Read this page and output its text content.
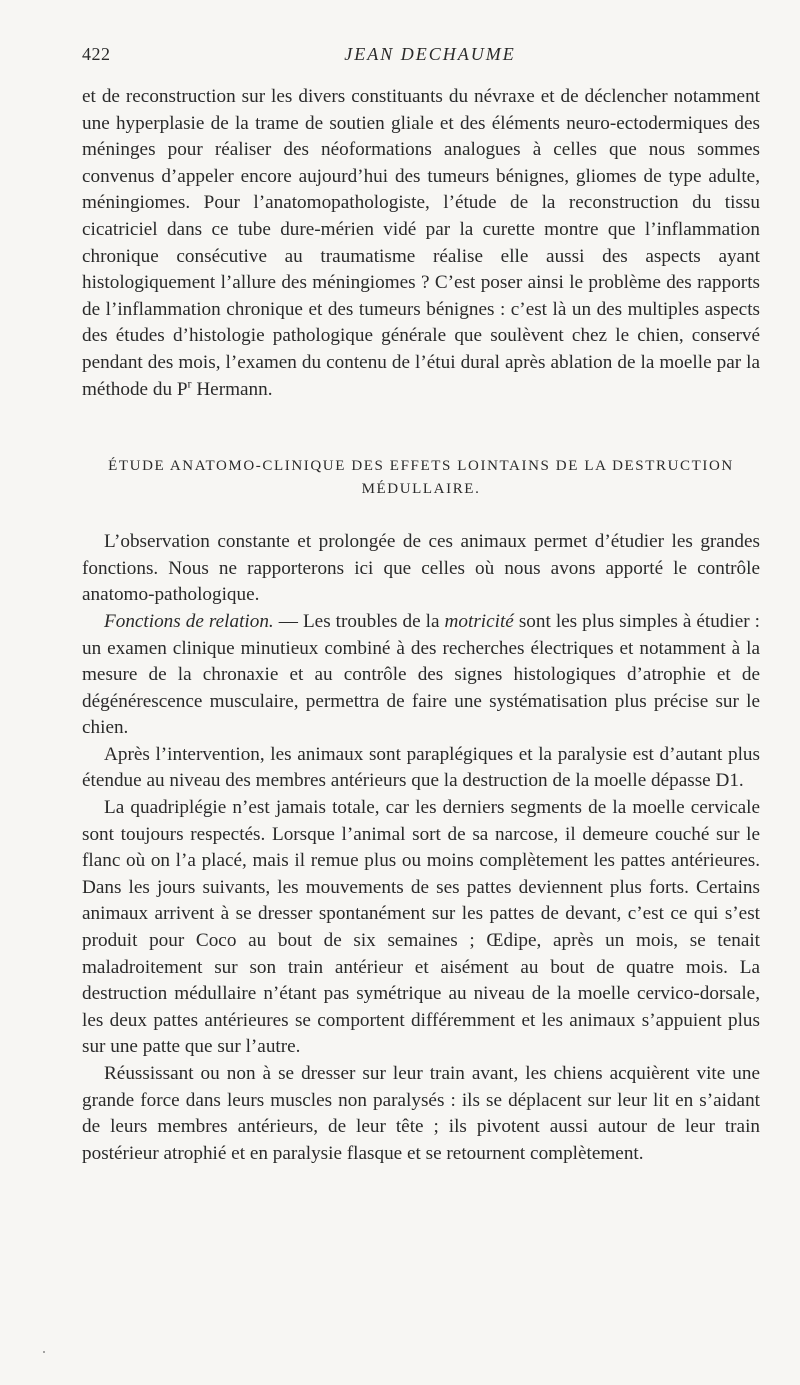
422	JEAN DECHAUME

et de reconstruction sur les divers constituants du névraxe et de déclencher notamment une hyperplasie de la trame de soutien gliale et des éléments neuro-ectodermiques des méninges pour réaliser des néoformations analogues à celles que nous sommes convenus d’appeler encore aujourd’hui des tumeurs bénignes, gliomes de type adulte, méningiomes. Pour l’anatomopathologiste, l’étude de la reconstruction du tissu cicatriciel dans ce tube dure-mérien vidé par la curette montre que l’inflammation chronique consécutive au traumatisme réalise elle aussi des aspects ayant histologiquement l’allure des méningiomes ? C’est poser ainsi le problème des rapports de l’inflammation chronique et des tumeurs bénignes : c’est là un des multiples aspects des études d’histologie pathologique générale que soulèvent chez le chien, conservé pendant des mois, l’examen du contenu de l’étui dural après ablation de la moelle par la méthode du $P^r$ Hermann.

ÉTUDE ANATOMO-CLINIQUE DES EFFETS LOINTAINS DE LA DESTRUCTION
MÉDULLAIRE.

L’observation constante et prolongée de ces animaux permet d’étudier les grandes fonctions. Nous ne rapporterons ici que celles où nous avons apporté le contrôle anatomo-pathologique.

Fonctions de relation. — Les troubles de la motricité sont les plus simples à étudier : un examen clinique minutieux combiné à des recherches électriques et notamment à la mesure de la chronaxie et au contrôle des signes histologiques d’atrophie et de dégénérescence musculaire, permettra de faire une systématisation plus précise sur le chien.

Après l’intervention, les animaux sont paraplégiques et la paralysie est d’autant plus étendue au niveau des membres antérieurs que la destruction de la moelle dépasse D1.

La quadriplégie n’est jamais totale, car les derniers segments de la moelle cervicale sont toujours respectés. Lorsque l’animal sort de sa narcose, il demeure couché sur le flanc où on l’a placé, mais il remue plus ou moins complètement les pattes antérieures. Dans les jours suivants, les mouvements de ses pattes deviennent plus forts. Certains animaux arrivent à se dresser spontanément sur les pattes de devant, c’est ce qui s’est produit pour Coco au bout de six semaines ; Œdipe, après un mois, se tenait maladroitement sur son train antérieur et aisément au bout de quatre mois. La destruction médullaire n’étant pas symétrique au niveau de la moelle cervico-dorsale, les deux pattes antérieures se comportent différemment et les animaux s’appuient plus sur une patte que sur l’autre.

Réussissant ou non à se dresser sur leur train avant, les chiens acquièrent vite une grande force dans leurs muscles non paralysés : ils se déplacent sur leur lit en s’aidant de leurs membres antérieurs, de leur tête ; ils pivotent aussi autour de leur train postérieur atrophié et en paralysie flasque et se retournent complètement.
